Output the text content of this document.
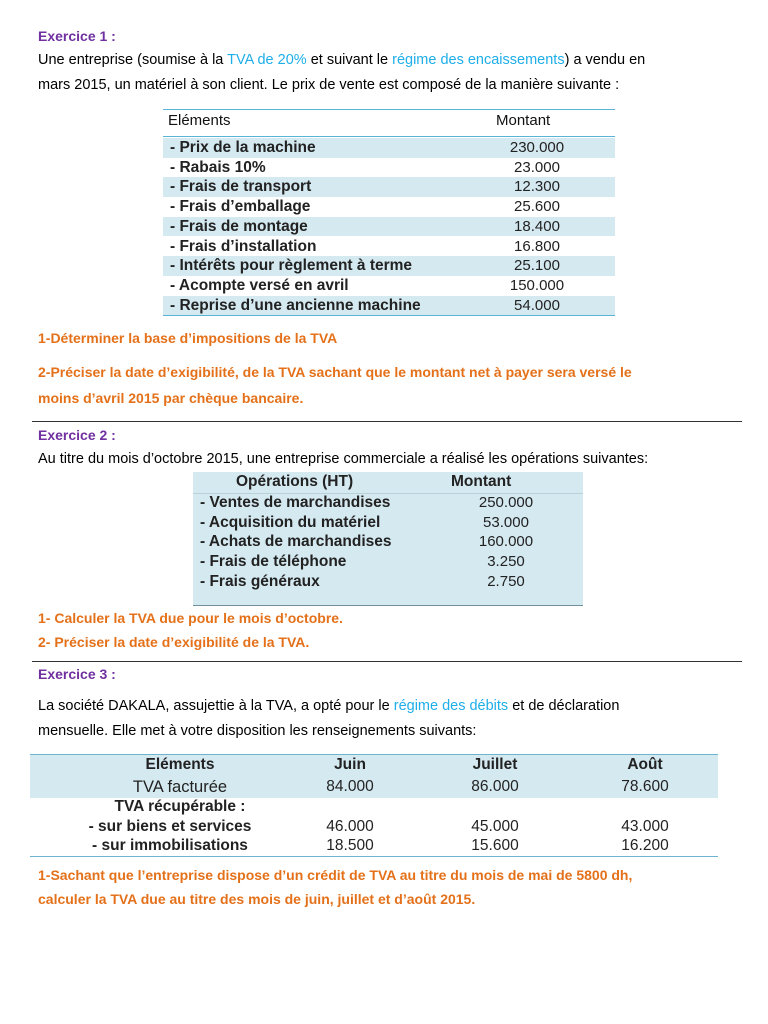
Exercice 1 :
Une entreprise (soumise à la TVA de 20% et suivant le régime des encaissements) a vendu en
mars 2015, un matériel à son client. Le prix de vente est composé de la manière suivante :
Eléments	Montant
- Prix de la machine	230.000
- Rabais 10%	23.000
- Frais de transport	12.300
- Frais d’emballage	25.600
- Frais de montage	18.400
- Frais d’installation	16.800
- Intérêts pour règlement à terme	25.100
- Acompte versé en avril	150.000
- Reprise d’une ancienne machine	54.000
1-Déterminer la base d’impositions de la TVA
2-Préciser la date d’exigibilité, de la TVA sachant que le montant net à payer sera versé le
moins d’avril 2015 par chèque bancaire.
Exercice 2 :
Au titre du mois d’octobre 2015, une entreprise commerciale a réalisé les opérations suivantes:
Opérations (HT)	Montant
- Ventes de marchandises	250.000
- Acquisition du matériel	53.000
- Achats de marchandises	160.000
- Frais de téléphone	3.250
- Frais généraux	2.750
1- Calculer la TVA due pour le mois d’octobre.
2- Préciser la date d’exigibilité de la TVA.
Exercice 3 :
La société DAKALA, assujettie à la TVA, a opté pour le régime des débits et de déclaration
mensuelle. Elle met à votre disposition les renseignements suivants:
Eléments	Juin	Juillet	Août
TVA facturée	84.000	86.000	78.600
TVA récupérable :
- sur biens et services	46.000	45.000	43.000
- sur immobilisations	18.500	15.600	16.200
1-Sachant que l’entreprise dispose d’un crédit de TVA au titre du mois de mai de 5800 dh,
calculer la TVA due au titre des mois de juin, juillet et d’août 2015.
